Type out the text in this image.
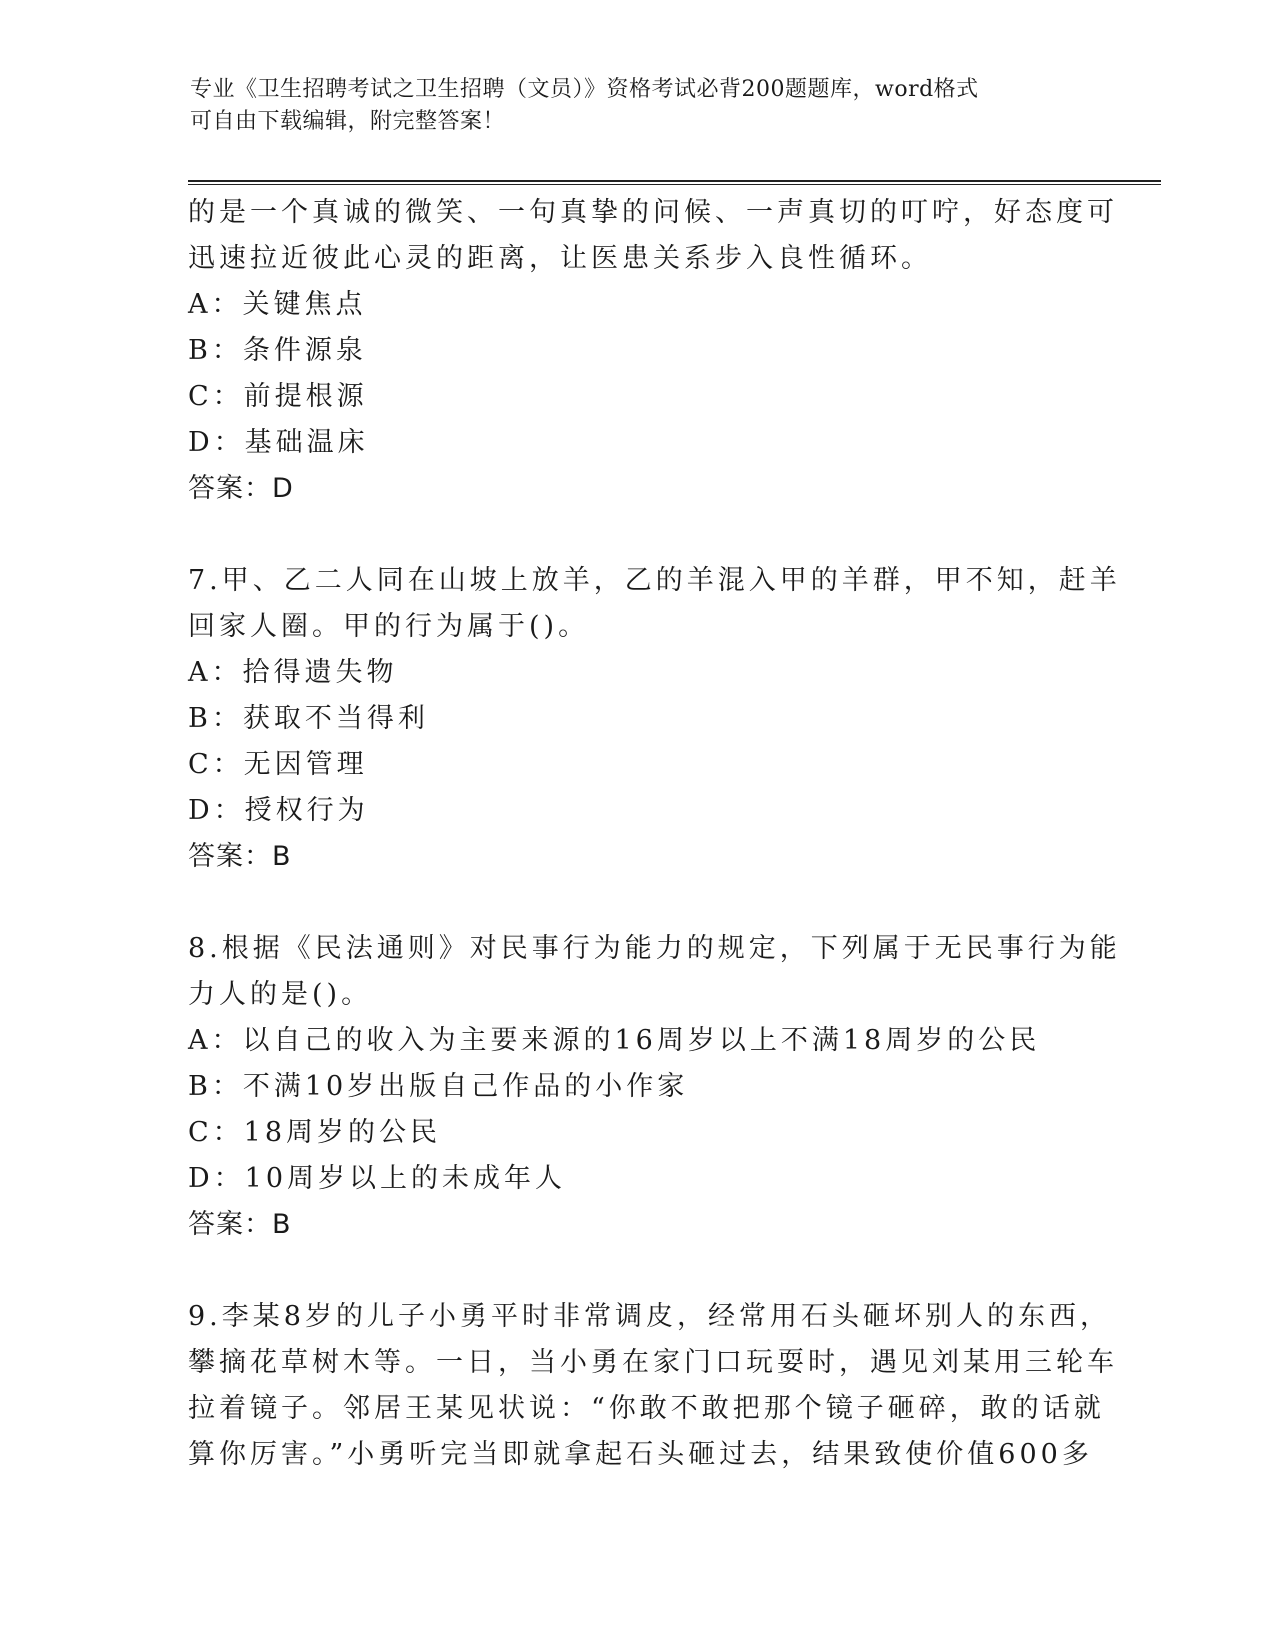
专业《卫生招聘考试之卫生招聘（文员）》资格考试必背200题题库，word格式
可自由下载编辑，附完整答案！
的是一个真诚的微笑、一句真挚的问候、一声真切的叮咛，好态度可
迅速拉近彼此心灵的距离，让医患关系步入良性循环。
A：关键焦点
B：条件源泉
C：前提根源
D：基础温床
答案：D
7.甲、乙二人同在山坡上放羊，乙的羊混入甲的羊群，甲不知，赶羊
回家人圈。甲的行为属于()。
A：拾得遗失物
B：获取不当得利
C：无因管理
D：授权行为
答案：B
8.根据《民法通则》对民事行为能力的规定，下列属于无民事行为能
力人的是()。
A：以自己的收入为主要来源的16周岁以上不满18周岁的公民
B：不满10岁出版自己作品的小作家
C：18周岁的公民
D：10周岁以上的未成年人
答案：B
9.李某8岁的儿子小勇平时非常调皮，经常用石头砸坏别人的东西，
攀摘花草树木等。一日，当小勇在家门口玩耍时，遇见刘某用三轮车
拉着镜子。邻居王某见状说：“你敢不敢把那个镜子砸碎，敢的话就
算你厉害。”小勇听完当即就拿起石头砸过去，结果致使价值600多
